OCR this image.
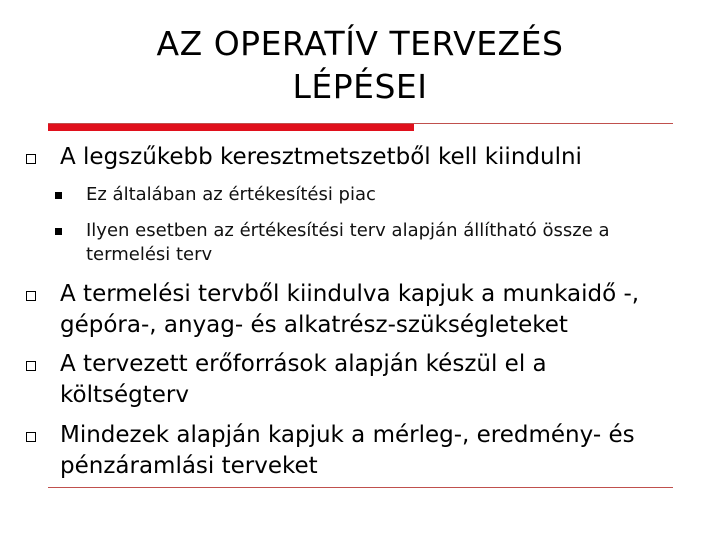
AZ OPERATÍV TERVEZÉS
LÉPÉSEI
A legszűkebb keresztmetszetből kell kiindulni
Ez általában az értékesítési piac
Ilyen esetben az értékesítési terv alapján állítható össze a termelési terv
A termelési tervből kiindulva kapjuk a munkaidő -, gépóra-, anyag- és alkatrész-szükségleteket
A tervezett erőforrások alapján készül el a költségterv
Mindezek alapján kapjuk a mérleg-, eredmény- és pénzáramlási terveket
